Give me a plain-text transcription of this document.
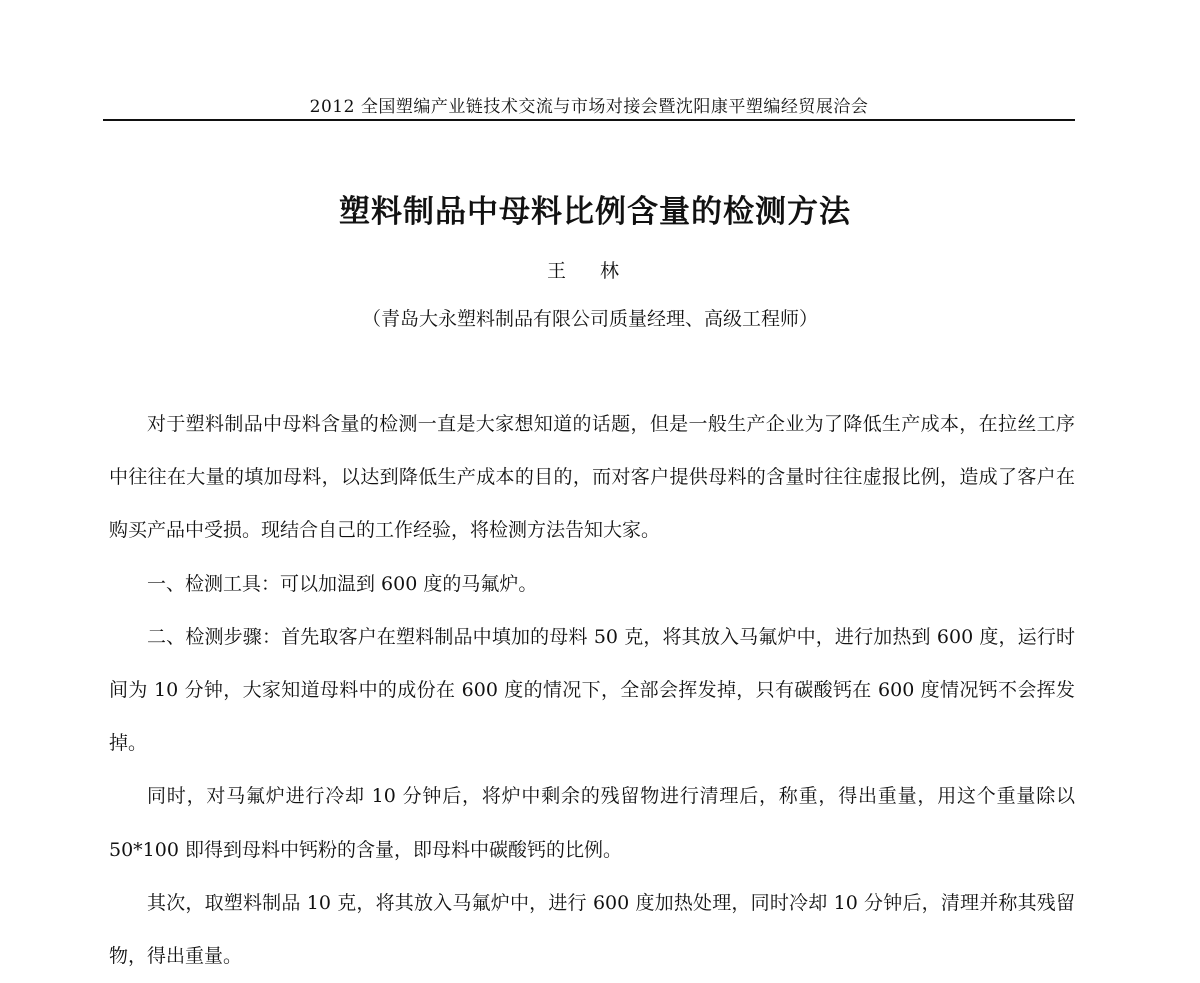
2012 全国塑编产业链技术交流与市场对接会暨沈阳康平塑编经贸展洽会
塑料制品中母料比例含量的检测方法
王 林
（青岛大永塑料制品有限公司质量经理、高级工程师）

对于塑料制品中母料含量的检测一直是大家想知道的话题，但是一般生产企业为了降低生产成本，在拉丝工序中往往在大量的填加母料，以达到降低生产成本的目的，而对客户提供母料的含量时往往虚报比例，造成了客户在购买产品中受损。现结合自己的工作经验，将检测方法告知大家。

一、检测工具：可以加温到 600 度的马氟炉。

二、检测步骤：首先取客户在塑料制品中填加的母料 50 克，将其放入马氟炉中，进行加热到 600 度，运行时间为 10 分钟，大家知道母料中的成份在 600 度的情况下，全部会挥发掉，只有碳酸钙在 600 度情况钙不会挥发掉。

同时，对马氟炉进行冷却 10 分钟后，将炉中剩余的残留物进行清理后，称重，得出重量，用这个重量除以 50*100 即得到母料中钙粉的含量，即母料中碳酸钙的比例。

其次，取塑料制品 10 克，将其放入马氟炉中，进行 600 度加热处理，同时冷却 10 分钟后，清理并称其残留物，得出重量。
